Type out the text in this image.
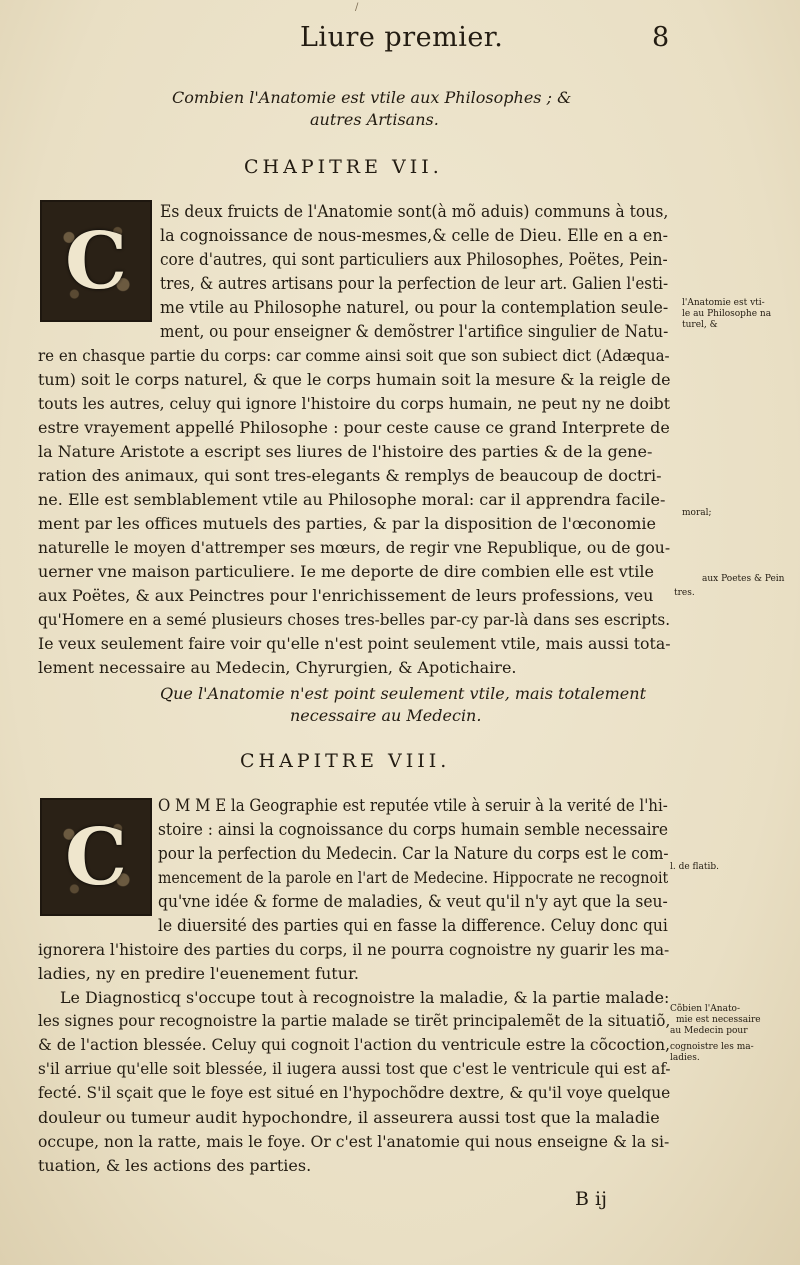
/
Liure premier.	8
Combien l'Anatomie est vtile aux Philosophes ; &
autres Artisans.
CHAPITRE VII.
C
Es deux fruicts de l'Anatomie sont(à mõ aduis) communs à tous,
la cognoissance de nous-mesmes,& celle de Dieu. Elle en a en-
core d'autres, qui sont particuliers aux Philosophes, Poëtes, Pein-
tres, & autres artisans pour la perfection de leur art. Galien l'esti-
me vtile au Philosophe naturel, ou pour la contemplation seule-
ment, ou pour enseigner & demõstrer l'artifice singulier de Natu-
re en chasque partie du corps: car comme ainsi soit que son subiect dict (Adæqua-
tum) soit le corps naturel, & que le corps humain soit la mesure & la reigle de
touts les autres, celuy qui ignore l'histoire du corps humain, ne peut ny ne doibt
estre vrayement appellé Philosophe : pour ceste cause ce grand Interprete de
la Nature Aristote a escript ses liures de l'histoire des parties & de la gene-
ration des animaux, qui sont tres-elegants & remplys de beaucoup de doctri-
ne. Elle est semblablement vtile au Philosophe moral: car il apprendra facile-
ment par les offices mutuels des parties, & par la disposition de l'œconomie
naturelle le moyen d'attremper ses mœurs, de regir vne Republique, ou de gou-
uerner vne maison particuliere. Ie me deporte de dire combien elle est vtile
aux Poëtes, & aux Peinctres pour l'enrichissement de leurs professions, veu
qu'Homere en a semé plusieurs choses tres-belles par-cy par-là dans ses escripts.
Ie veux seulement faire voir qu'elle n'est point seulement vtile, mais aussi tota-
lement necessaire au Medecin, Chyrurgien, & Apotichaire.
l'Anatomie est vti-
le au Philosophe na
turel, &
moral;
aux Poetes & Pein
tres.
Que l'Anatomie n'est point seulement vtile, mais totalement
necessaire au Medecin.
CHAPITRE VIII.
C
O M M E la Geographie est reputée vtile à seruir à la verité de l'hi-
stoire : ainsi la cognoissance du corps humain semble necessaire
pour la perfection du Medecin. Car la Nature du corps est le com-
mencement de la parole en l'art de Medecine. Hippocrate ne recognoit
qu'vne idée & forme de maladies, & veut qu'il n'y ayt que la seu-
le diuersité des parties qui en fasse la difference. Celuy donc qui
ignorera l'histoire des parties du corps, il ne pourra cognoistre ny guarir les ma-
ladies, ny en predire l'euenement futur.
Le Diagnosticq s'occupe tout à recognoistre la maladie, & la partie malade:
les signes pour recognoistre la partie malade se tirẽt principalemẽt de la situatiõ,
& de l'action blessée. Celuy qui cognoit l'action du ventricule estre la cõcoction,
s'il arriue qu'elle soit blessée, il iugera aussi tost que c'est le ventricule qui est af-
fecté. S'il sçait que le foye est situé en l'hypochõdre dextre, & qu'il voye quelque
douleur ou tumeur audit hypochondre, il asseurera aussi tost que la maladie
occupe, non la ratte, mais le foye. Or c'est l'anatomie qui nous enseigne & la si-
tuation, & les actions des parties.
l. de flatib.
Cõbien l'Anato-
mie est necessaire
au Medecin pour
cognoistre les ma-
ladies.
B ij
